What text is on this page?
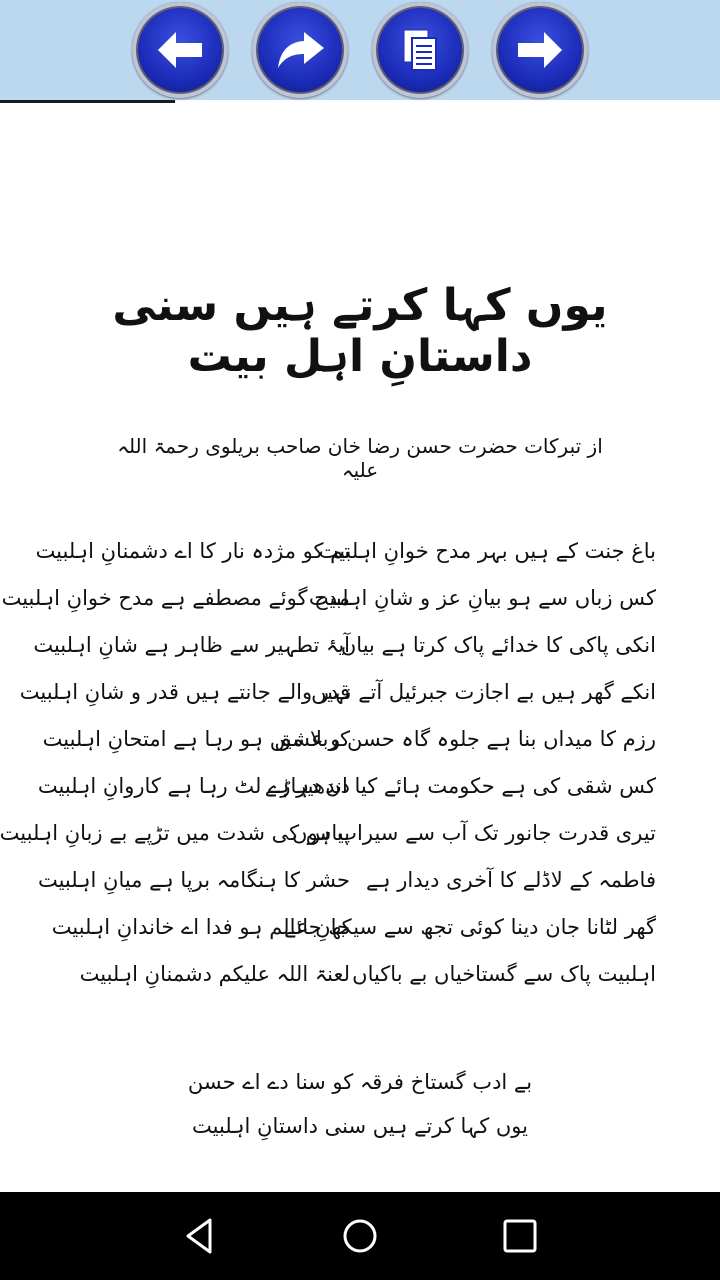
یوں کہا کرتے ہیں سنی داستانِ اہل بیت
از تبرکات حضرت حسن رضا خان صاحب بریلوی رحمۃ اللہ علیہ
باغ جنت کے ہیں بہر مدح خوانِ اہلبیت
کس زباں سے ہو بیانِ عز و شانِ اہلبیت
انکی پاکی کا خدائے پاک کرتا ہے بیاں
انکے گھر ہیں بے اجازت جبرئیل آتے نہیں
رزم کا میداں بنا ہے جلوہ گاہ حسن و عشق
کس شقی کی ہے حکومت ہائے کیا اندھیر ہے
تیری قدرت جانور تک آب سے سیراب ہوں
فاطمہ کے لاڈلے کا آخری دیدار ہے
گھر لٹانا جان دینا کوئی تجھ سے سیکھ جائے
اہلبیت پاک سے گستاخیاں بے باکیاں
تم کو مژدہ نار کا اے دشمنانِ اہلبیت
مدح گوئے مصطفے ہے مدح خوانِ اہلبیت
آیۂ تطہیر سے ظاہر ہے شانِ اہلبیت
قدر والے جانتے ہیں قدر و شانِ اہلبیت
کربلا میں ہو رہا ہے امتحانِ اہلبیت
دن دہاڑے لٹ رہا ہے کاروانِ اہلبیت
پیاس کی شدت میں تڑپے بے زبانِ اہلبیت
حشر کا ہنگامہ برپا ہے میانِ اہلبیت
جانِ عالم ہو فدا اے خاندانِ اہلبیت
لعنۃ اللہ علیکم دشمنانِ اہلبیت
بے ادب گستاخ فرقہ کو سنا دے اے حسن
یوں کہا کرتے ہیں سنی داستانِ اہلبیت
